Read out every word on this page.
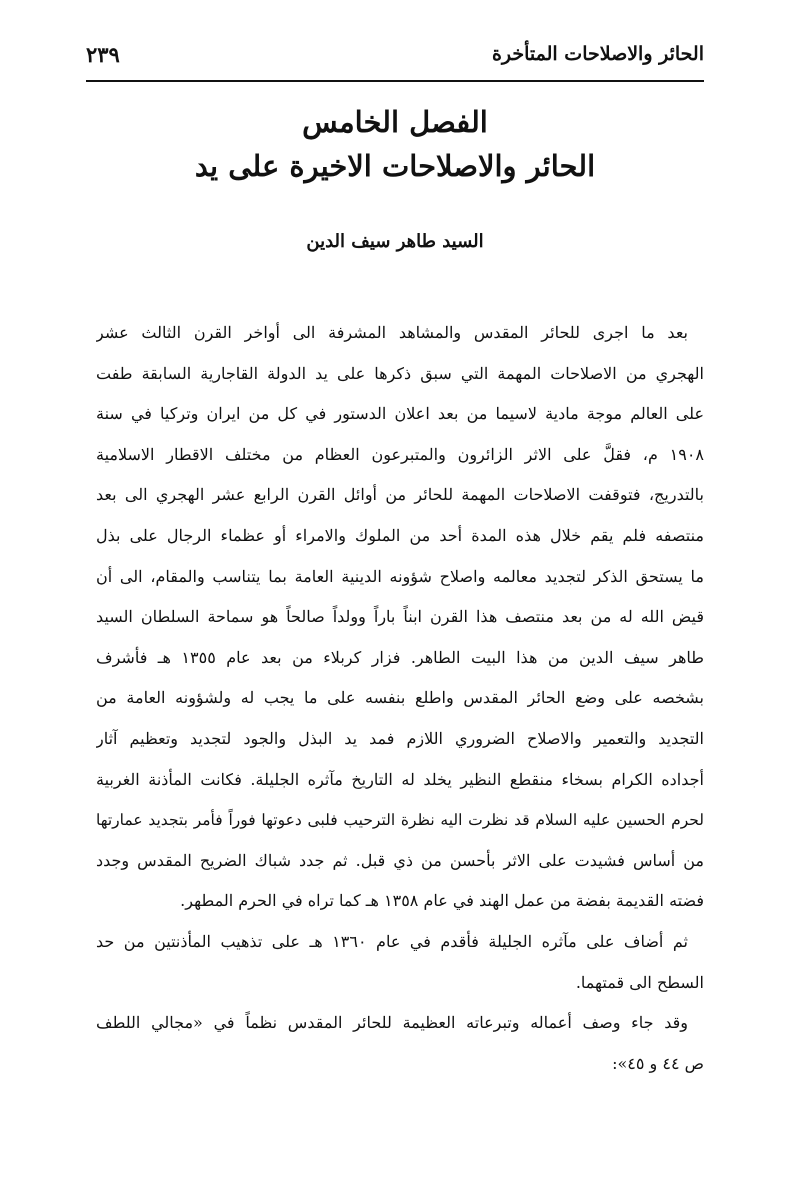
الحائر والاصلاحات المتأخرة
٢٣٩
الفصل الخامس
الحائر والاصلاحات الاخيرة على يد
السيد طاهر سيف الدين
بعد ما اجرى للحائر المقدس والمشاهد المشرفة الى أواخر القرن الثالث عشر
الهجري من الاصلاحات المهمة التي سبق ذكرها على يد الدولة القاجارية السابقة طفت
على العالم موجة مادية لاسيما من بعد اعلان الدستور في كل من ايران وتركيا في سنة
١٩٠٨ م، فقلَّ على الاثر الزائرون والمتبرعون العظام من مختلف الاقطار الاسلامية
بالتدريج، فتوقفت الاصلاحات المهمة للحائر من أوائل القرن الرابع عشر الهجري الى بعد
منتصفه فلم يقم خلال هذه المدة أحد من الملوك والامراء أو عظماء الرجال على بذل
ما يستحق الذكر لتجديد معالمه واصلاح شؤونه الدينية العامة بما يتناسب والمقام، الى أن
قيض الله له من بعد منتصف هذا القرن ابناً باراً وولداً صالحاً هو سماحة السلطان السيد
طاهر سيف الدين من هذا البيت الطاهر. فزار كربلاء من بعد عام ١٣٥٥ هـ فأشرف
بشخصه على وضع الحائر المقدس واطلع بنفسه على ما يجب له ولشؤونه العامة من
التجديد والتعمير والاصلاح الضروري اللازم فمد يد البذل والجود لتجديد وتعظيم آثار
أجداده الكرام بسخاء منقطع النظير يخلد له التاريخ مآثره الجليلة. فكانت المأذنة الغربية
لحرم الحسين عليه السلام قد نظرت اليه نظرة الترحيب فلبى دعوتها فوراً فأمر بتجديد عمارتها
من أساس فشيدت على الاثر بأحسن من ذي قبل. ثم جدد شباك الضريح المقدس وجدد
فضته القديمة بفضة من عمل الهند في عام ١٣٥٨ هـ كما تراه في الحرم المطهر.
ثم أضاف على مآثره الجليلة فأقدم في عام ١٣٦٠ هـ على تذهيب المأذنتين من حد
السطح الى قمتهما.
وقد جاء وصف أعماله وتبرعاته العظيمة للحائر المقدس نظماً في «مجالي اللطف
ص ٤٤ و ٤٥»:
